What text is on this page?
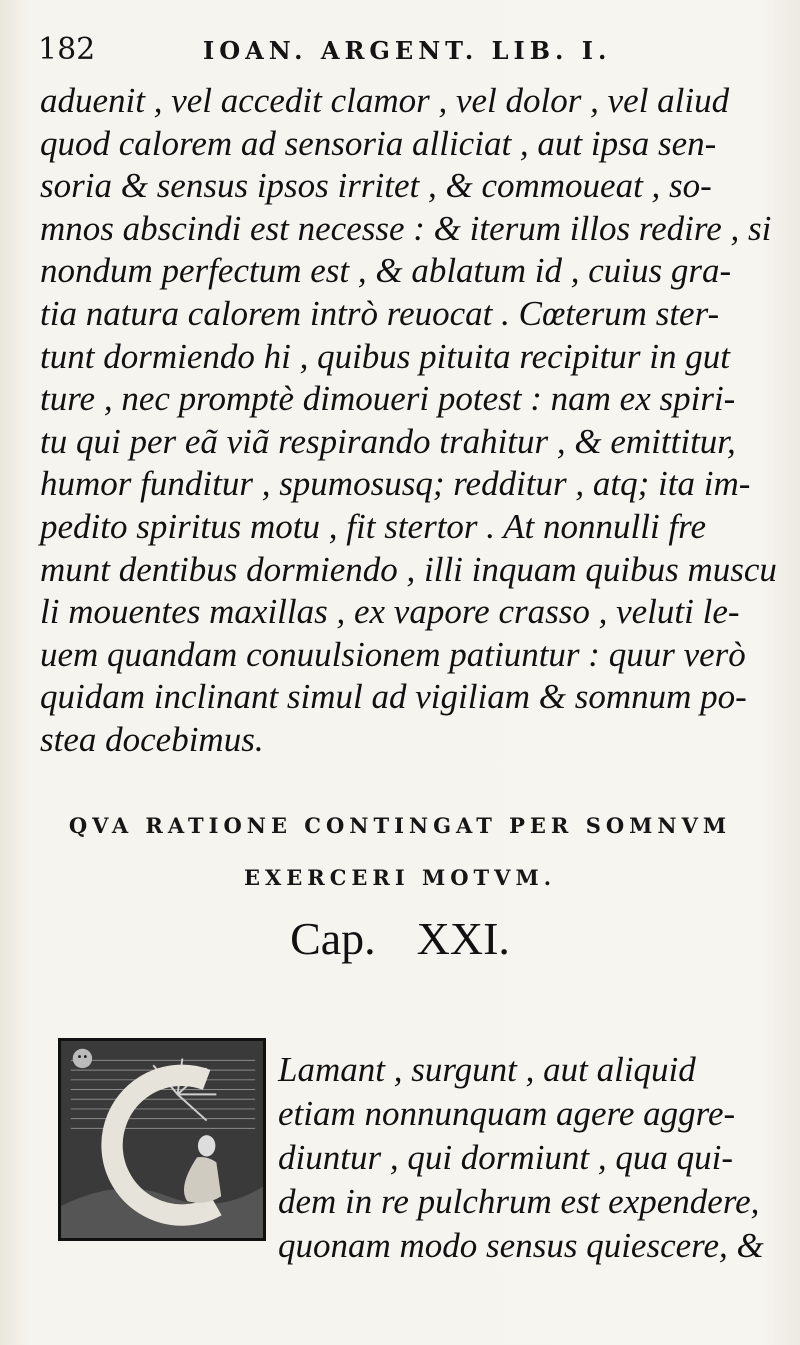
182	IOAN. ARGENT. LIB. I.
aduenit , vel accedit clamor , vel dolor , vel aliud
quod calorem ad sensoria alliciat , aut ipsa sen-
soria & sensus ipsos irritet , & commoueat , so-
mnos abscindi est necesse : & iterum illos redire , si
nondum perfectum est , & ablatum id , cuius gra-
tia natura calorem intrò reuocat . Cœterum ster-
tunt dormiendo hi , quibus pituita recipitur in gut
ture , nec promptè dimoueri potest : nam ex spiri-
tu qui per eã viã respirando trahitur , & emittitur,
humor funditur , spumosusq; redditur , atq; ita im-
pedito spiritus motu , fit stertor . At nonnulli fre
munt dentibus dormiendo , illi inquam quibus muscu
li mouentes maxillas , ex vapore crasso , veluti le-
uem quandam conuulsionem patiuntur : quur verò
quidam inclinant simul ad vigiliam & somnum po-
stea docebimus.
QVA RATIONE CONTINGAT PER SOMNVM
EXERCERI MOTVM.
Cap. XXI.
Lamant , surgunt , aut aliquid
etiam nonnunquam agere aggre-
diuntur , qui dormiunt , qua qui-
dem in re pulchrum est expendere,
quonam modo sensus quiescere, &
